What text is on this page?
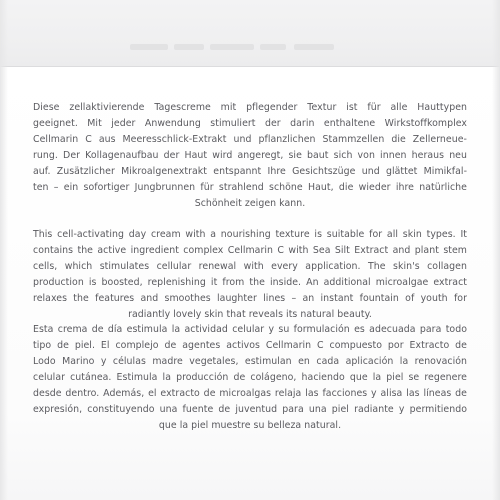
Diese zellaktivierende Tagescreme mit pflegender Textur ist für alle Hauttypen
geeignet. Mit jeder Anwendung stimuliert der darin enthaltene Wirkstoffkomplex
Cellmarin C aus Meeresschlick-Extrakt und pflanzlichen Stammzellen die Zellerneue-
rung. Der Kollagenaufbau der Haut wird angeregt, sie baut sich von innen heraus neu
auf. Zusätzlicher Mikroalgenextrakt entspannt Ihre Gesichtszüge und glättet Mimikfal-
ten – ein sofortiger Jungbrunnen für strahlend schöne Haut, die wieder ihre natürliche
Schönheit zeigen kann.

This cell-activating day cream with a nourishing texture is suitable for all skin types. It
contains the active ingredient complex Cellmarin C with Sea Silt Extract and plant stem
cells, which stimulates cellular renewal with every application. The skin's collagen
production is boosted, replenishing it from the inside. An additional microalgae extract
relaxes the features and smoothes laughter lines – an instant fountain of youth for
radiantly lovely skin that reveals its natural beauty.

Esta crema de día estimula la actividad celular y su formulación es adecuada para todo
tipo de piel. El complejo de agentes activos Cellmarin C compuesto por Extracto de
Lodo Marino y células madre vegetales, estimulan en cada aplicación la renovación
celular cutánea. Estimula la producción de colágeno, haciendo que la piel se regenere
desde dentro. Además, el extracto de microalgas relaja las facciones y alisa las líneas de
expresión, constituyendo una fuente de juventud para una piel radiante y permitiendo
que la piel muestre su belleza natural.
